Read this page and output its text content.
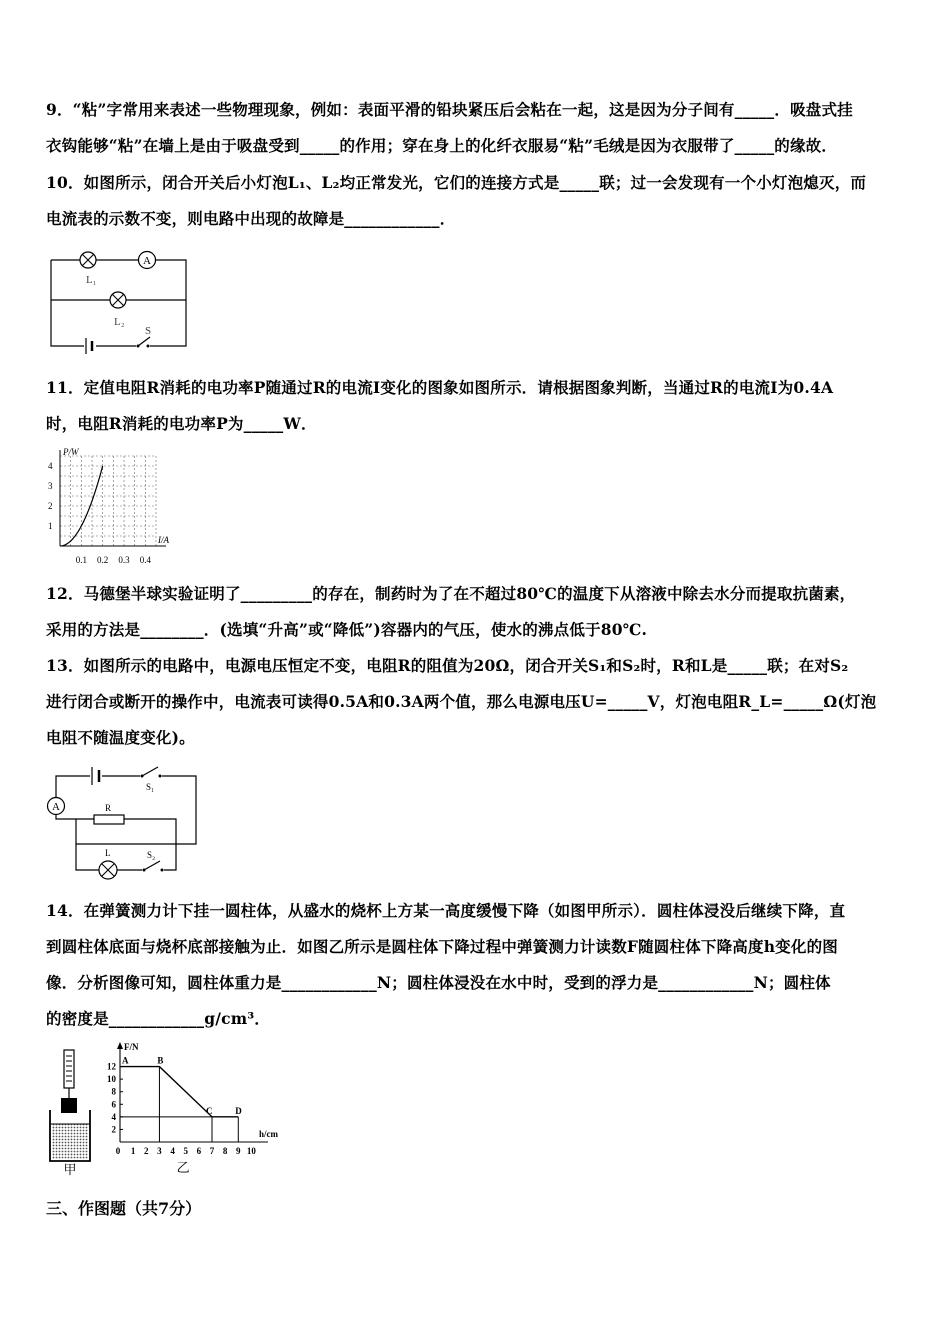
9．“粘”字常用来表述一些物理现象，例如：表面平滑的铅块紧压后会粘在一起，这是因为分子间有_____．吸盘式挂
衣钩能够“粘”在墙上是由于吸盘受到_____的作用；穿在身上的化纤衣服易“粘”毛绒是因为衣服带了_____的缘故．
10．如图所示，闭合开关后小灯泡L₁、L₂均正常发光，它们的连接方式是_____联；过一会发现有一个小灯泡熄灭，而
电流表的示数不变，则电路中出现的故障是____________．
A
L₁
L₂
S
11．定值电阻R消耗的电功率P随通过R的电流I变化的图象如图所示．请根据图象判断，当通过R的电流I为0.4A
时，电阻R消耗的电功率P为_____W．
0.1 0.2 0.3 0.4
1
2
3
4
P/W
I/A
12．马德堡半球实验证明了_________的存在，制药时为了在不超过80℃的温度下从溶液中除去水分而提取抗菌素，
采用的方法是________．(选填“升高”或“降低”)容器内的气压，使水的沸点低于80℃.
13．如图所示的电路中，电源电压恒定不变，电阻R的阻值为20Ω，闭合开关S₁和S₂时，R和L是_____联；在对S₂
进行闭合或断开的操作中，电流表可读得0.5A和0.3A两个值，那么电源电压U=_____V，灯泡电阻R_L=_____Ω(灯泡
电阻不随温度变化)。
S₁
A	R
L	S₂
14．在弹簧测力计下挂一圆柱体，从盛水的烧杯上方某一高度缓慢下降（如图甲所示）．圆柱体浸没后继续下降，直
到圆柱体底面与烧杯底部接触为止．如图乙所示是圆柱体下降过程中弹簧测力计读数F随圆柱体下降高度h变化的图
像．分析图像可知，圆柱体重力是____________N；圆柱体浸没在水中时，受到的浮力是____________N；圆柱体
的密度是____________g/cm³．
甲
0 1 2 3 4 5 6 7 8 9 10
2
4
6
8
10
12
F/N
h/cm
A	B
C	D
乙
三、作图题（共7分）
